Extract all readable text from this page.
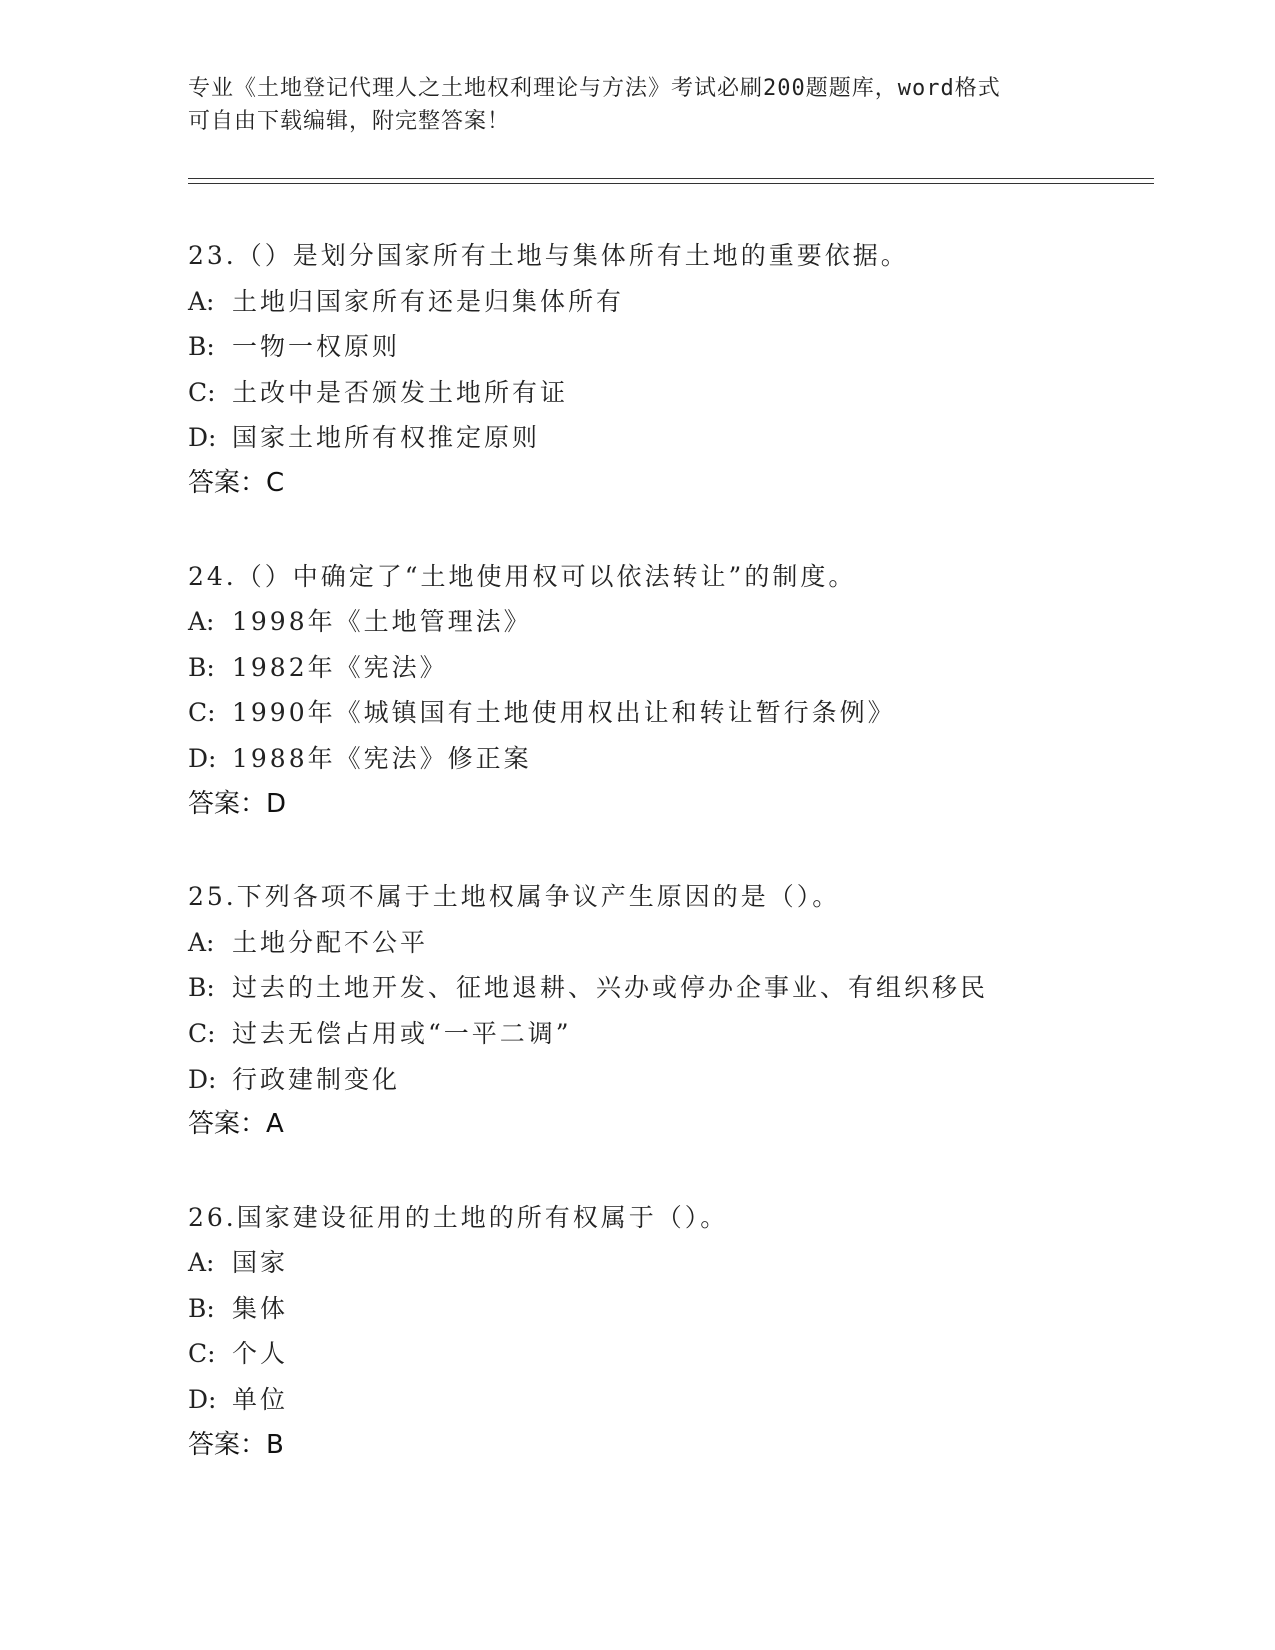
专业《土地登记代理人之土地权利理论与方法》考试必刷200题题库，word格式
可自由下载编辑，附完整答案！
23.（）是划分国家所有土地与集体所有土地的重要依据。
A: 土地归国家所有还是归集体所有
B: 一物一权原则
C: 土改中是否颁发土地所有证
D: 国家土地所有权推定原则
答案：C
24.（）中确定了“土地使用权可以依法转让”的制度。
A: 1998年《土地管理法》
B: 1982年《宪法》
C: 1990年《城镇国有土地使用权出让和转让暂行条例》
D: 1988年《宪法》修正案
答案：D
25.下列各项不属于土地权属争议产生原因的是（）。
A: 土地分配不公平
B: 过去的土地开发、征地退耕、兴办或停办企事业、有组织移民
C: 过去无偿占用或“一平二调”
D: 行政建制变化
答案：A
26.国家建设征用的土地的所有权属于（）。
A: 国家
B: 集体
C: 个人
D: 单位
答案：B
